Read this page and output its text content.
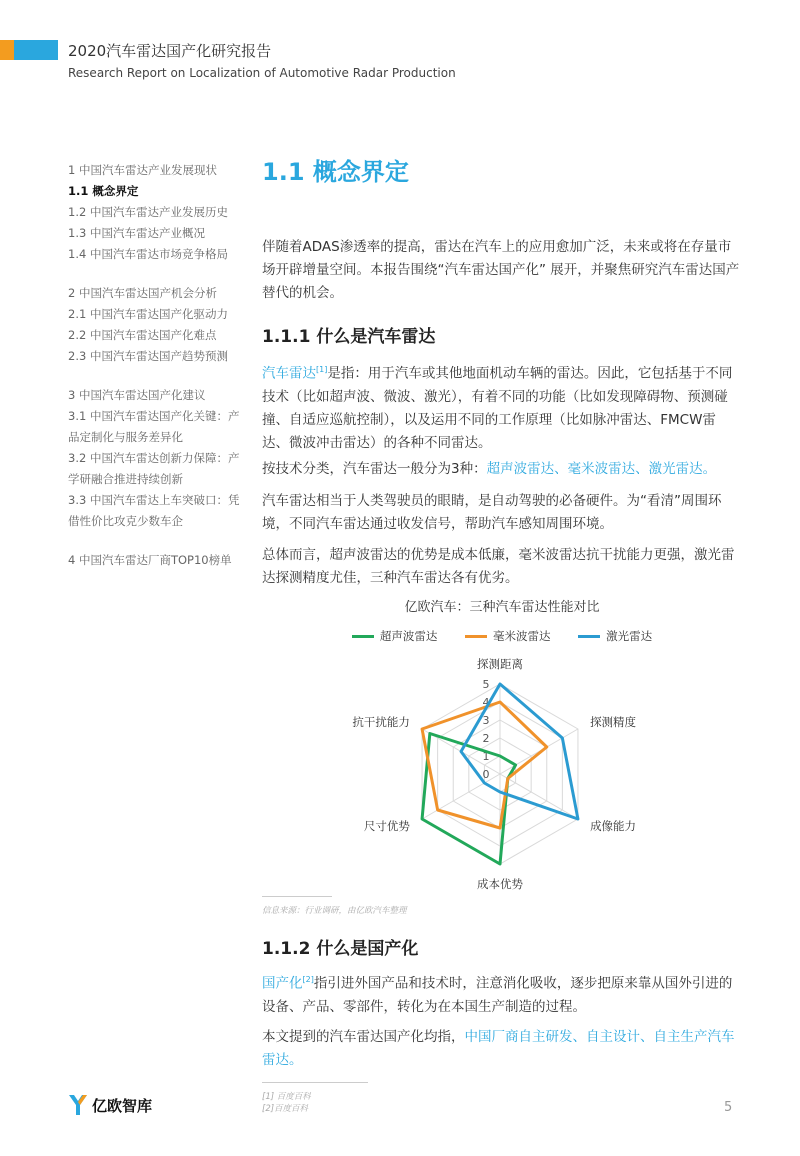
2020汽车雷达国产化研究报告
Research Report on Localization of Automotive Radar Production
1 中国汽车雷达产业发展现状
1.1 概念界定
1.2 中国汽车雷达产业发展历史
1.3 中国汽车雷达产业概况
1.4 中国汽车雷达市场竞争格局
2 中国汽车雷达国产机会分析
2.1 中国汽车雷达国产化驱动力
2.2 中国汽车雷达国产化难点
2.3 中国汽车雷达国产趋势预测
3 中国汽车雷达国产化建议
3.1 中国汽车雷达国产化关键：产品定制化与服务差异化
3.2 中国汽车雷达创新力保障：产学研融合推进持续创新
3.3 中国汽车雷达上车突破口：凭借性价比攻克少数车企
4 中国汽车雷达厂商TOP10榜单
1.1 概念界定
伴随着ADAS渗透率的提高，雷达在汽车上的应用愈加广泛，未来或将在存量市场开辟增量空间。本报告围绕“汽车雷达国产化” 展开，并聚焦研究汽车雷达国产替代的机会。
1.1.1 什么是汽车雷达
汽车雷达[1]是指：用于汽车或其他地面机动车辆的雷达。因此，它包括基于不同技术（比如超声波、微波、激光），有着不同的功能（比如发现障碍物、预测碰撞、自适应巡航控制），以及运用不同的工作原理（比如脉冲雷达、FMCW雷达、微波冲击雷达）的各种不同雷达。
按技术分类，汽车雷达一般分为3种：超声波雷达、毫米波雷达、激光雷达。
汽车雷达相当于人类驾驶员的眼睛，是自动驾驶的必备硬件。为“看清”周围环境，不同汽车雷达通过收发信号，帮助汽车感知周围环境。
总体而言，超声波雷达的优势是成本低廉，毫米波雷达抗干扰能力更强，激光雷达探测精度尤佳，三种汽车雷达各有优劣。
亿欧汽车：三种汽车雷达性能对比
超声波雷达	毫米波雷达	激光雷达
0
1
2
3
4
5
探测距离
探测精度
成像能力
成本优势
尺寸优势
抗干扰能力
信息来源：行业调研，由亿欧汽车整理
1.1.2 什么是国产化
国产化[2]指引进外国产品和技术时，注意消化吸收，逐步把原来靠从国外引进的设备、产品、零部件，转化为在本国生产制造的过程。
本文提到的汽车雷达国产化均指，中国厂商自主研发、自主设计、自主生产汽车雷达。
[1] 百度百科
[2]百度百科
亿欧智库	5
